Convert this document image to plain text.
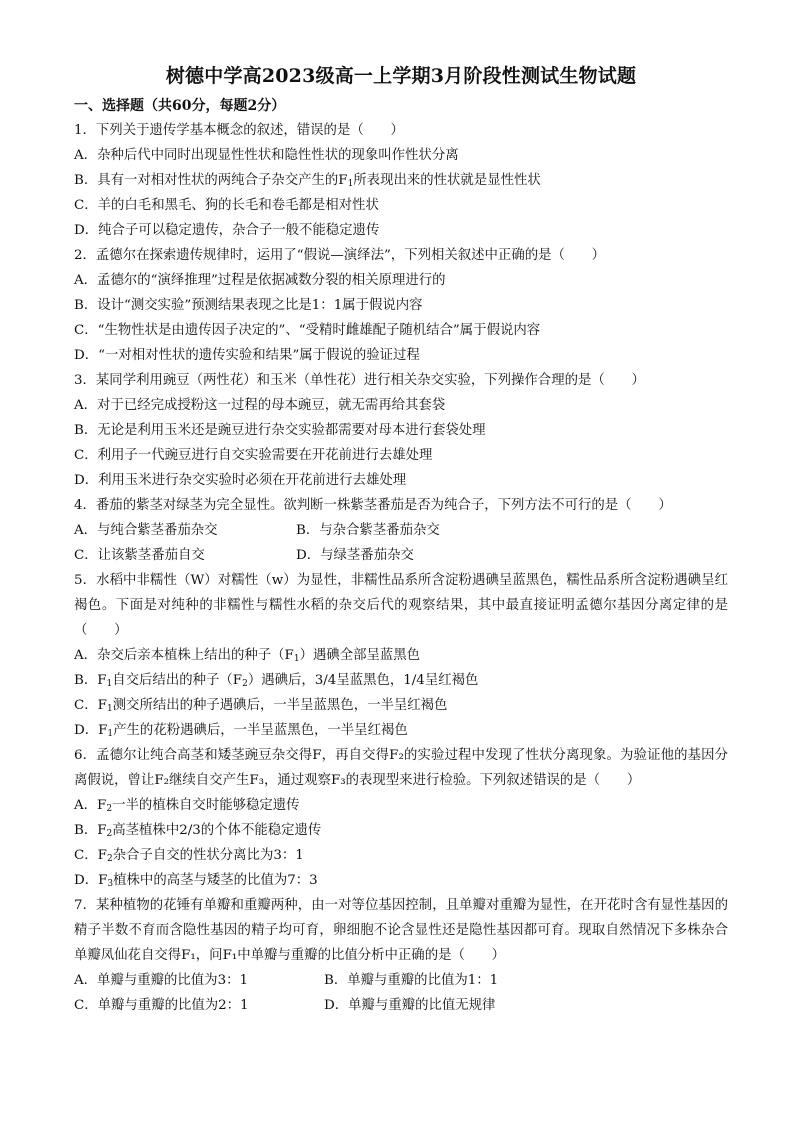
树德中学高2023级高一上学期3月阶段性测试生物试题
一、选择题（共60分，每题2分）
1．下列关于遗传学基本概念的叙述，错误的是（　　）
A．杂种后代中同时出现显性性状和隐性性状的现象叫作性状分离
B．具有一对相对性状的两纯合子杂交产生的$F_1$所表现出来的性状就是显性性状
C．羊的白毛和黑毛、狗的长毛和卷毛都是相对性状
D．纯合子可以稳定遗传，杂合子一般不能稳定遗传
2．孟德尔在探索遗传规律时，运用了“假说—演绎法”，下列相关叙述中正确的是（　　）
A．孟德尔的“演绎推理”过程是依据减数分裂的相关原理进行的
B．设计“测交实验”预测结果表现之比是1：1属于假说内容
C．“生物性状是由遗传因子决定的”、“受精时雌雄配子随机结合”属于假说内容
D．“一对相对性状的遗传实验和结果”属于假说的验证过程
3．某同学利用豌豆（两性花）和玉米（单性花）进行相关杂交实验，下列操作合理的是（　　）
A．对于已经完成授粉这一过程的母本豌豆，就无需再给其套袋
B．无论是利用玉米还是豌豆进行杂交实验都需要对母本进行套袋处理
C．利用子一代豌豆进行自交实验需要在开花前进行去雄处理
D．利用玉米进行杂交实验时必须在开花前进行去雄处理
4．番茄的紫茎对绿茎为完全显性。欲判断一株紫茎番茄是否为纯合子，下列方法不可行的是（　　）
A．与纯合紫茎番茄杂交	B．与杂合紫茎番茄杂交
C．让该紫茎番茄自交	D．与绿茎番茄杂交
5．水稻中非糯性（W）对糯性（w）为显性，非糯性品系所含淀粉遇碘呈蓝黑色，糯性品系所含淀粉遇碘呈红褐色。下面是对纯种的非糯性与糯性水稻的杂交后代的观察结果，其中最直接证明孟德尔基因分离定律的是（　　）
A．杂交后亲本植株上结出的种子$(F_1)$遇碘全部呈蓝黑色
B．$F_1$自交后结出的种子$(F_2)$遇碘后，3/4呈蓝黑色，1/4呈红褐色
C．$F_1$测交所结出的种子遇碘后，一半呈蓝黑色，一半呈红褐色
D．$F_1$产生的花粉遇碘后，一半呈蓝黑色，一半呈红褐色
6．孟德尔让纯合高茎和矮茎豌豆杂交得F，再自交得F₂的实验过程中发现了性状分离现象。为验证他的基因分离假说，曾让F₂继续自交产生F₃，通过观察F₃的表现型来进行检验。下列叙述错误的是（　　）
A．$F_2$一半的植株自交时能够稳定遗传
B．$F_2$高茎植株中2/3的个体不能稳定遗传
C．$F_2$杂合子自交的性状分离比为3：1
D．$F_3$植株中的高茎与矮茎的比值为7：3
7．某种植物的花锤有单瓣和重瓣两种，由一对等位基因控制，且单瓣对重瓣为显性，在开花时含有显性基因的精子半数不育而含隐性基因的精子均可育，卵细胞不论含显性还是隐性基因都可育。现取自然情况下多株杂合单瓣凤仙花自交得F₁，问F₁中单瓣与重瓣的比值分析中正确的是（　　）
A．单瓣与重瓣的比值为3：1	B．单瓣与重瓣的比值为1：1
C．单瓣与重瓣的比值为2：1	D．单瓣与重瓣的比值无规律
